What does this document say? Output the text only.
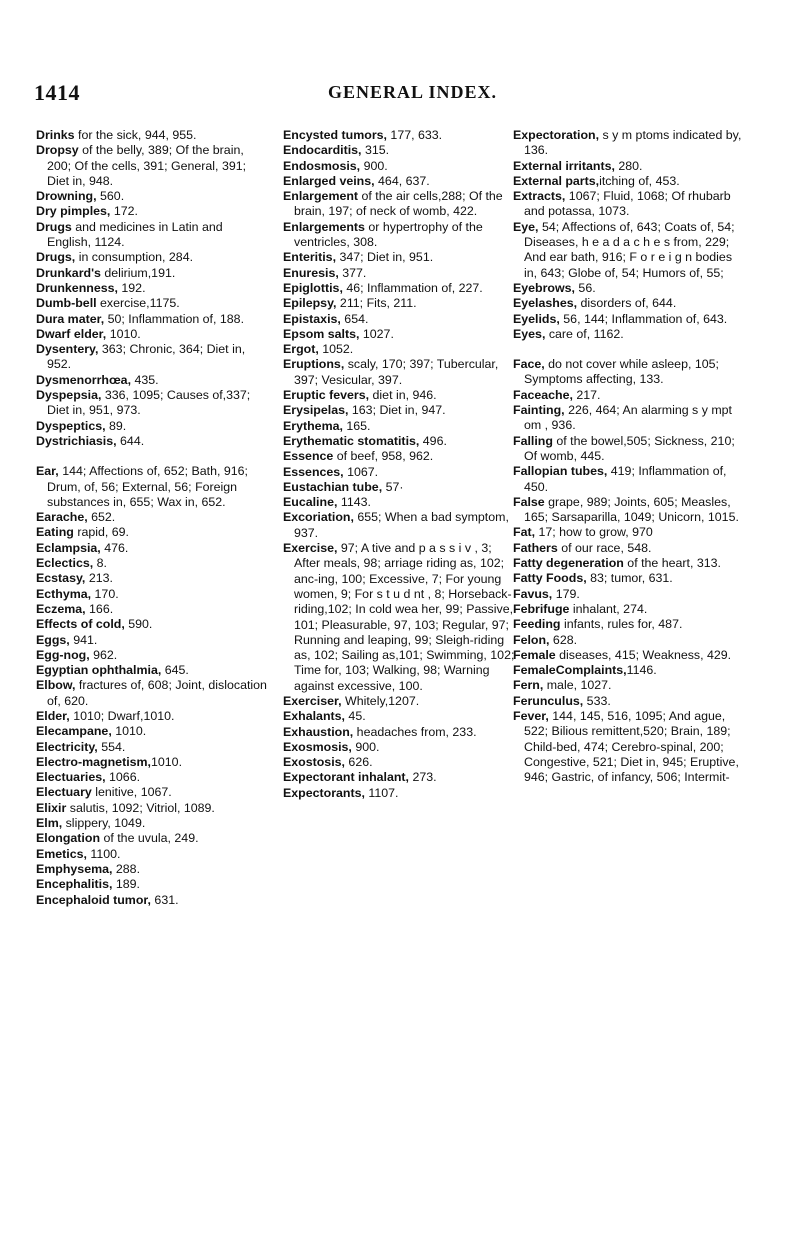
1414	GENERAL INDEX.

Drinks for the sick, 944, 955.

Dropsy of the belly, 389; Of the brain, 200; Of the cells, 391; General, 391; Diet in, 948.

Drowning, 560.

Dry pimples, 172.

Drugs and medicines in Latin and English, 1124.

Drugs, in consumption, 284.

Drunkard's delirium,191.

Drunkenness, 192.

Dumb-bell exercise,1175.

Dura mater, 50; Inflammation of, 188.

Dwarf elder, 1010.

Dysentery, 363; Chronic, 364; Diet in, 952.

Dysmenorrhœa, 435.

Dyspepsia, 336, 1095; Causes of,337; Diet in, 951, 973.

Dyspeptics, 89.

Dystrichiasis, 644.

Ear, 144; Affections of, 652; Bath, 916; Drum, of, 56; External, 56; Foreign substances in, 655; Wax in, 652.

Earache, 652.

Eating rapid, 69.

Eclampsia, 476.

Eclectics, 8.

Ecstasy, 213.

Ecthyma, 170.

Eczema, 166.

Effects of cold, 590.

Eggs, 941.

Egg-nog, 962.

Egyptian ophthalmia, 645.

Elbow, fractures of, 608; Joint, dislocation of, 620.

Elder, 1010; Dwarf,1010.

Elecampane, 1010.

Electricity, 554.

Electro-magnetism,1010.

Electuaries, 1066.

Electuary lenitive, 1067.

Elixir salutis, 1092; Vitriol, 1089.

Elm, slippery, 1049.

Elongation of the uvula, 249.

Emetics, 1100.

Emphysema, 288.

Encephalitis, 189.

Encephaloid tumor, 631.

Encysted tumors, 177, 633.

Endocarditis, 315.

Endosmosis, 900.

Enlarged veins, 464, 637.

Enlargement of the air cells,288; Of the brain, 197; of neck of womb, 422.

Enlargements or hypertrophy of the ventricles, 308.

Enteritis, 347; Diet in, 951.

Enuresis, 377.

Epiglottis, 46; Inflammation of, 227.

Epilepsy, 211; Fits, 211.

Epistaxis, 654.

Epsom salts, 1027.

Ergot, 1052.

Eruptions, scaly, 170; 397; Tubercular, 397; Vesicular, 397.

Eruptic fevers, diet in, 946.

Erysipelas, 163; Diet in, 947.

Erythema, 165.

Erythematic stomatitis, 496.

Essence of beef, 958, 962.

Essences, 1067.

Eustachian tube, 57·

Eucaline, 1143.

Excoriation, 655; When a bad symptom, 937.

Exercise, 97; A tive and p a s s i v , 3; After meals, 98; arriage riding as, 102; anc-ing, 100; Excessive, 7; For young women, 9; For s t u d nt , 8; Horseback-riding,102; In cold wea her, 99; Passive, 101; Pleasurable, 97, 103; Regular, 97; Running and leaping, 99; Sleigh-riding as, 102; Sailing as,101; Swimming, 102; Time for, 103; Walking, 98; Warning against excessive, 100.

Exerciser, Whitely,1207.

Exhalants, 45.

Exhaustion, headaches from, 233.

Exosmosis, 900.

Exostosis, 626.

Expectorant inhalant, 273.

Expectorants, 1107.

Expectoration, s y m ptoms indicated by, 136.

External irritants, 280.

External parts,itching of, 453.

Extracts, 1067; Fluid, 1068; Of rhubarb and potassa, 1073.

Eye, 54; Affections of, 643; Coats of, 54; Diseases, h e a d a c h e s from, 229; And ear bath, 916; F o r e i g n bodies in, 643; Globe of, 54; Humors of, 55;

Eyebrows, 56.

Eyelashes, disorders of, 644.

Eyelids, 56, 144; Inflammation of, 643.

Eyes, care of, 1162.

Face, do not cover while asleep, 105; Symptoms affecting, 133.

Faceache, 217.

Fainting, 226, 464; An alarming s y mpt om , 936.

Falling of the bowel,505; Sickness, 210; Of womb, 445.

Fallopian tubes, 419; Inflammation of, 450.

False grape, 989; Joints, 605; Measles, 165; Sarsaparilla, 1049; Unicorn, 1015.

Fat, 17; how to grow, 970

Fathers of our race, 548.

Fatty degeneration of the heart, 313.

Fatty Foods, 83; tumor, 631.

Favus, 179.

Febrifuge inhalant, 274.

Feeding infants, rules for, 487.

Felon, 628.

Female diseases, 415; Weakness, 429.

FemaleComplaints,1146.

Fern, male, 1027.

Ferunculus, 533.

Fever, 144, 145, 516, 1095; And ague, 522; Bilious remittent,520; Brain, 189; Child-bed, 474; Cerebro-spinal, 200; Congestive, 521; Diet in, 945; Eruptive, 946; Gastric, of infancy, 506; Intermit-
